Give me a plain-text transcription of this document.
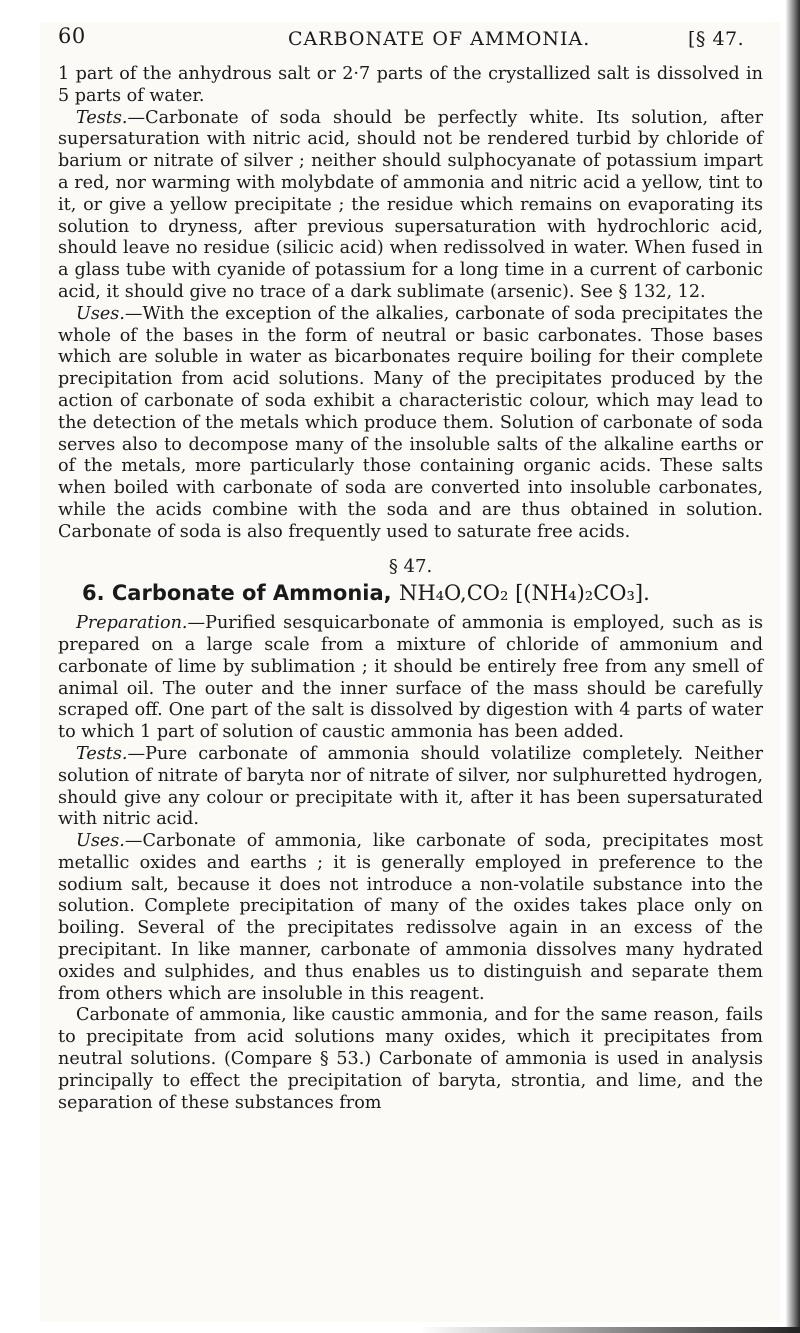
60	CARBONATE OF AMMONIA.	[§ 47.

1 part of the anhydrous salt or 2·7 parts of the crystallized salt is dissolved in 5 parts of water.

Tests.—Carbonate of soda should be perfectly white. Its solution, after supersaturation with nitric acid, should not be rendered turbid by chloride of barium or nitrate of silver ; neither should sulphocyanate of potassium impart a red, nor warming with molybdate of ammonia and nitric acid a yellow, tint to it, or give a yellow precipitate ; the residue which remains on evaporating its solution to dryness, after previous supersaturation with hydrochloric acid, should leave no residue (silicic acid) when redissolved in water. When fused in a glass tube with cyanide of potassium for a long time in a current of carbonic acid, it should give no trace of a dark sublimate (arsenic). See § 132, 12.

Uses.—With the exception of the alkalies, carbonate of soda precipitates the whole of the bases in the form of neutral or basic carbonates. Those bases which are soluble in water as bicarbonates require boiling for their complete precipitation from acid solutions. Many of the precipitates produced by the action of carbonate of soda exhibit a characteristic colour, which may lead to the detection of the metals which produce them. Solution of carbonate of soda serves also to decompose many of the insoluble salts of the alkaline earths or of the metals, more particularly those containing organic acids. These salts when boiled with carbonate of soda are converted into insoluble carbonates, while the acids combine with the soda and are thus obtained in solution. Carbonate of soda is also frequently used to saturate free acids.

§ 47.
6. Carbonate of Ammonia, NH₄O,CO₂ [(NH₄)₂CO₃].

Preparation.—Purified sesquicarbonate of ammonia is employed, such as is prepared on a large scale from a mixture of chloride of ammonium and carbonate of lime by sublimation ; it should be entirely free from any smell of animal oil. The outer and the inner surface of the mass should be carefully scraped off. One part of the salt is dissolved by digestion with 4 parts of water to which 1 part of solution of caustic ammonia has been added.

Tests.—Pure carbonate of ammonia should volatilize completely. Neither solution of nitrate of baryta nor of nitrate of silver, nor sulphuretted hydrogen, should give any colour or precipitate with it, after it has been supersaturated with nitric acid.

Uses.—Carbonate of ammonia, like carbonate of soda, precipitates most metallic oxides and earths ; it is generally employed in preference to the sodium salt, because it does not introduce a non-volatile substance into the solution. Complete precipitation of many of the oxides takes place only on boiling. Several of the precipitates redissolve again in an excess of the precipitant. In like manner, carbonate of ammonia dissolves many hydrated oxides and sulphides, and thus enables us to distinguish and separate them from others which are insoluble in this reagent.

Carbonate of ammonia, like caustic ammonia, and for the same reason, fails to precipitate from acid solutions many oxides, which it precipitates from neutral solutions. (Compare § 53.) Carbonate of ammonia is used in analysis principally to effect the precipitation of baryta, strontia, and lime, and the separation of these substances from
